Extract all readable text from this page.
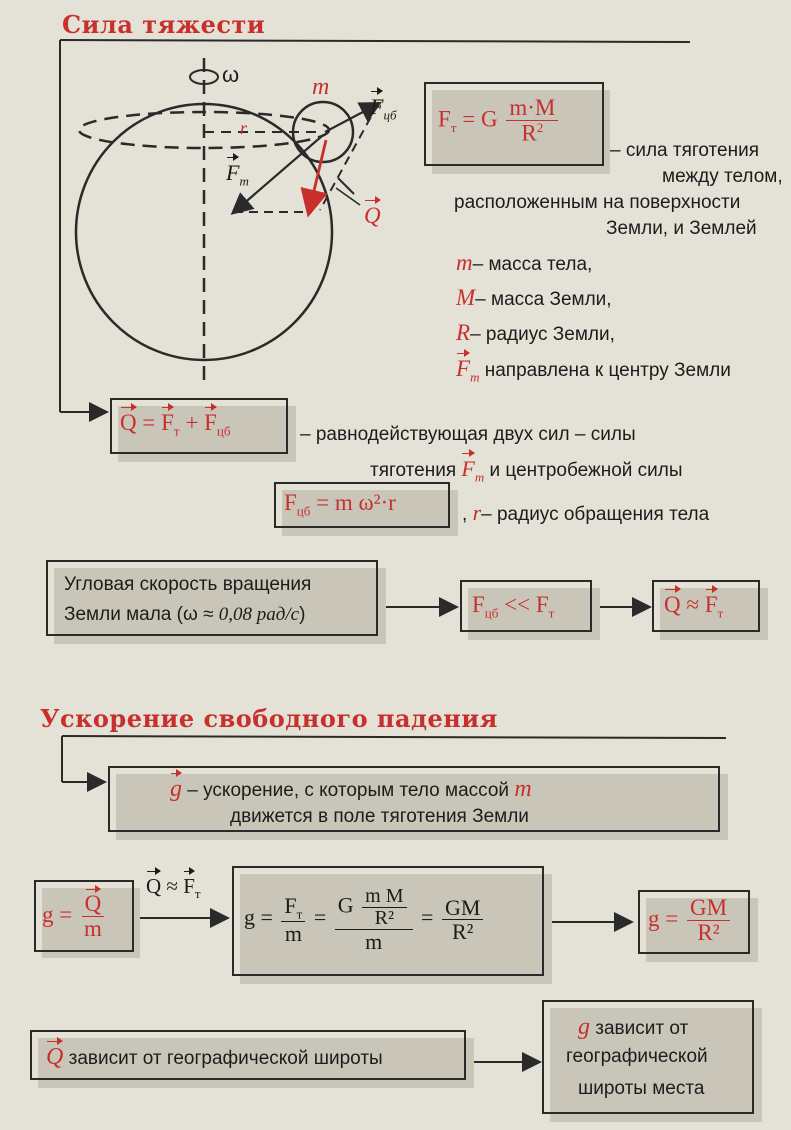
Сила тяжести
ω	m
r
$F_{цб}$
$F_т$
Q
$F_т = G \frac{m\cdot M}{R^2}$
– сила тяготения
между телом,
расположенным на поверхности
Земли, и Землей
m– масса тела,
M– масса Земли,
R– радиус Земли,
$F_т$ направлена к центру Земли
$Q = F_т + F_{цб}$	– равнодействующая двух сил – силы
тяготения $F_т$ и центробежной силы
$F_{цб} = m$ ω²·r	, r– радиус обращения тела
Угловая скорость вращения
Земли мала (ω ≈ 0,08 рад/с)	$F_{цб} << F_т$	$Q \approx F_т$
Ускорение свободного падения
g – ускорение, с которым тело массой m
движется в поле тяготения Земли
$g = \frac{Q}{m}$
$Q \approx F_т$
$g = \frac{F_т}{m} = \frac{G \frac{\text{m M}}{\text{R²}}}{m} = \frac{GM}{\text{R²}}$	$g = \frac{GM}{\text{R²}}$
Q зависит от географической широты
g зависит от
географической
широты места
